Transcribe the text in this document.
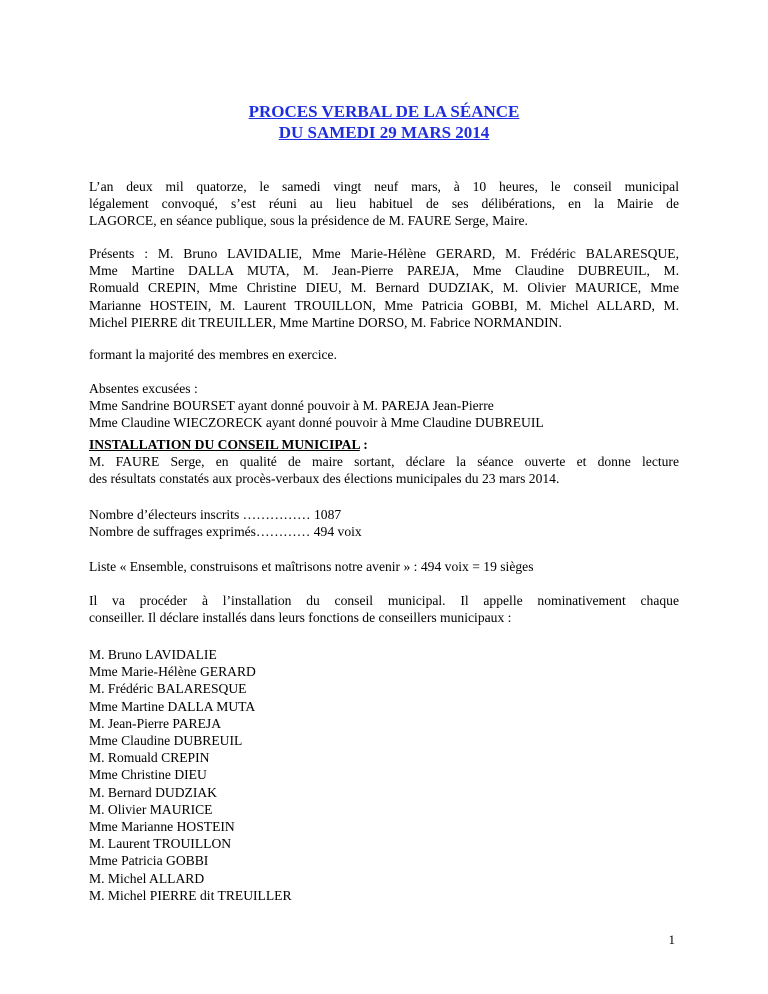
PROCES VERBAL DE LA SÉANCE
DU SAMEDI 29 MARS 2014
L’an deux mil quatorze, le samedi vingt neuf mars, à 10 heures, le conseil municipal
légalement convoqué, s’est réuni au lieu habituel de ses délibérations, en la Mairie de
LAGORCE, en séance publique, sous la présidence de M. FAURE Serge, Maire.
Présents : M. Bruno LAVIDALIE, Mme Marie-Hélène GERARD, M. Frédéric BALARESQUE,
Mme Martine DALLA MUTA, M. Jean-Pierre PAREJA, Mme Claudine DUBREUIL, M.
Romuald CREPIN, Mme Christine DIEU, M. Bernard DUDZIAK, M. Olivier MAURICE, Mme
Marianne HOSTEIN, M. Laurent TROUILLON, Mme Patricia GOBBI, M. Michel ALLARD, M.
Michel PIERRE dit TREUILLER, Mme Martine DORSO, M. Fabrice NORMANDIN.
formant la majorité des membres en exercice.
Absentes excusées :
Mme Sandrine BOURSET ayant donné pouvoir à M. PAREJA Jean-Pierre
Mme Claudine WIECZORECK ayant donné pouvoir à Mme Claudine DUBREUIL
INSTALLATION DU CONSEIL MUNICIPAL :
M. FAURE Serge, en qualité de maire sortant, déclare la séance ouverte et donne lecture
des résultats constatés aux procès-verbaux des élections municipales du 23 mars 2014.
Nombre d’électeurs inscrits …………… 1087
Nombre de suffrages exprimés………… 494 voix
Liste « Ensemble, construisons et maîtrisons notre avenir » : 494 voix = 19 sièges
Il va procéder à l’installation du conseil municipal. Il appelle nominativement chaque
conseiller. Il déclare installés dans leurs fonctions de conseillers municipaux :
M. Bruno LAVIDALIE
Mme Marie-Hélène GERARD
M. Frédéric BALARESQUE
Mme Martine DALLA MUTA
M. Jean-Pierre PAREJA
Mme Claudine DUBREUIL
M. Romuald CREPIN
Mme Christine DIEU
M. Bernard DUDZIAK
M. Olivier MAURICE
Mme Marianne HOSTEIN
M. Laurent TROUILLON
Mme Patricia GOBBI
M. Michel ALLARD
M. Michel PIERRE dit TREUILLER
1
